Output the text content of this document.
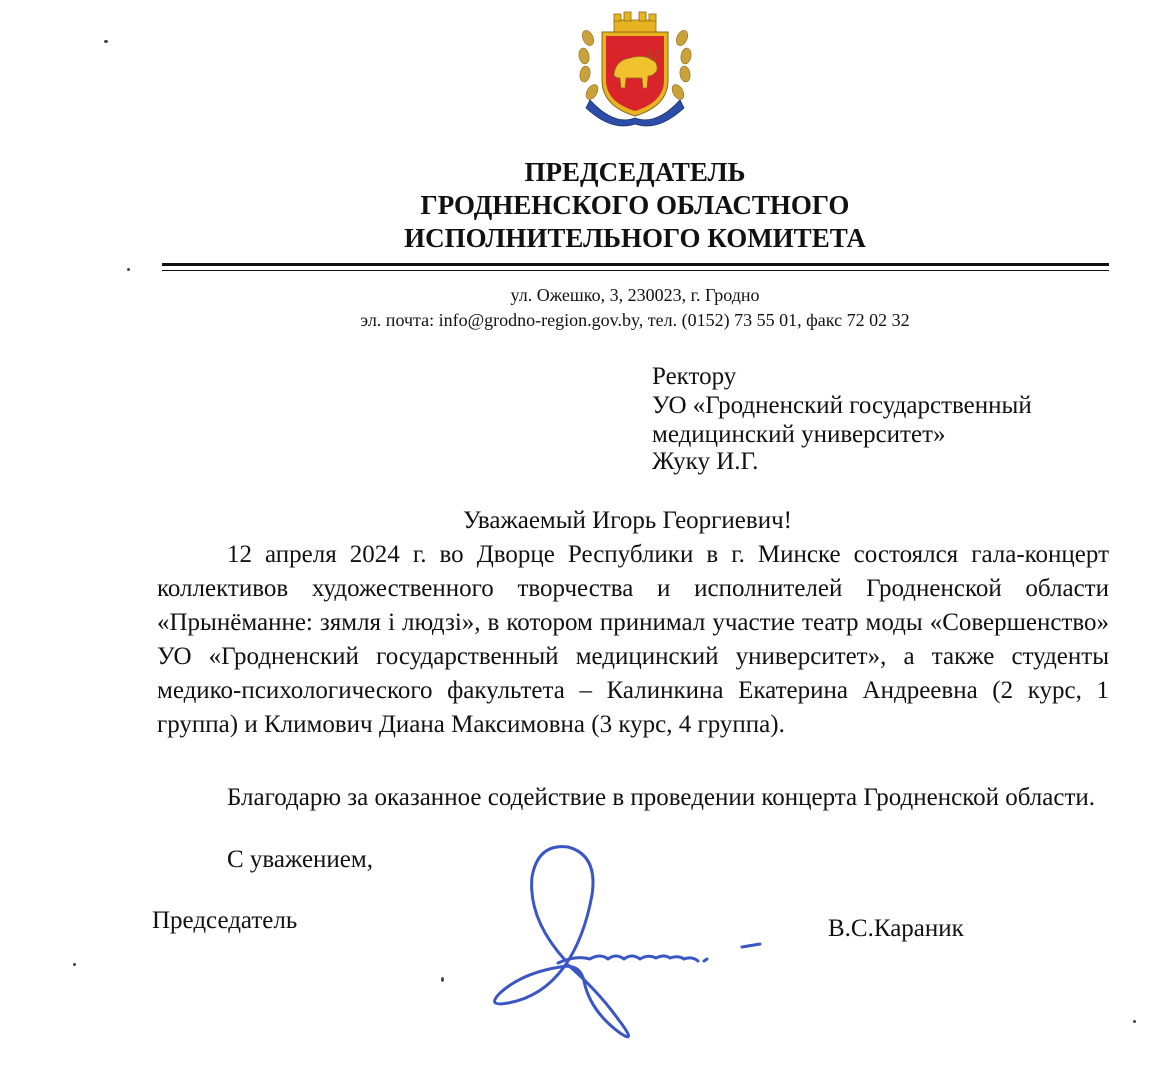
ПРЕДСЕДАТЕЛЬ
ГРОДНЕНСКОГО ОБЛАСТНОГО
ИСПОЛНИТЕЛЬНОГО КОМИТЕТА
ул. Ожешко, 3, 230023, г. Гродно
эл. почта: info@grodno-region.gov.by, тел. (0152) 73 55 01, факс 72 02 32
Ректору
УО «Гродненский государственный
медицинский университет»
Жуку И.Г.
Уважаемый Игорь Георгиевич!
12 апреля 2024 г. во Дворце Республики в г. Минске состоялся гала-концерт коллективов художественного творчества и исполнителей Гродненской области «Прынёманне: зямля і людзі», в котором принимал участие театр моды «Совершенство» УО «Гродненский государственный медицинский университет», а также студенты медико-психологического факультета – Калинкина Екатерина Андреевна (2 курс, 1 группа) и Климович Диана Максимовна (3 курс, 4 группа).
Благодарю за оказанное содействие в проведении концерта Гродненской области.
С уважением,
Председатель	В.С.Караник
